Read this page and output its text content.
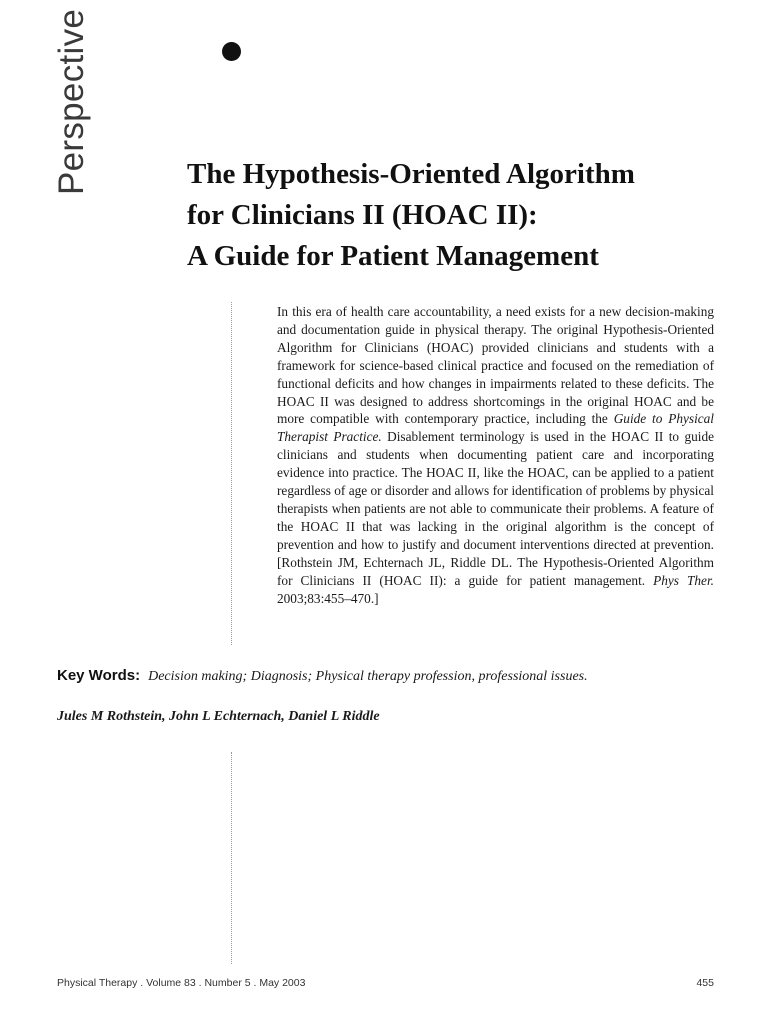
Perspective	The Hypothesis-Oriented Algorithm
for Clinicians II (HOAC II):
A Guide for Patient Management

In this era of health care accountability, a need exists for a new decision-making and documentation guide in physical therapy. The original Hypothesis-Oriented Algorithm for Clinicians (HOAC) provided clinicians and students with a framework for science-based clinical practice and focused on the remediation of functional deficits and how changes in impairments related to these deficits. The HOAC II was designed to address shortcomings in the original HOAC and be more compatible with contemporary practice, including the Guide to Physical Therapist Practice. Disablement terminology is used in the HOAC II to guide clinicians and students when documenting patient care and incorporating evidence into practice. The HOAC II, like the HOAC, can be applied to a patient regardless of age or disorder and allows for identification of problems by physical therapists when patients are not able to communicate their problems. A feature of the HOAC II that was lacking in the original algorithm is the concept of prevention and how to justify and document interventions directed at prevention. [Rothstein JM, Echternach JL, Riddle DL. The Hypothesis-Oriented Algorithm for Clinicians II (HOAC II): a guide for patient management. Phys Ther. 2003;83:455–470.]

Key Words: Decision making; Diagnosis; Physical therapy profession, professional issues.
Jules M Rothstein, John L Echternach, Daniel L Riddle
Physical Therapy . Volume 83 . Number 5 . May 2003	455
